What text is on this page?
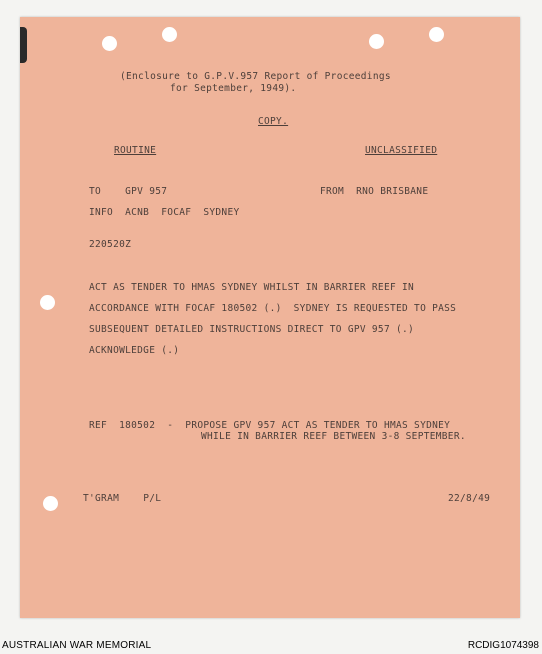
(Enclosure to G.P.V.957 Report of Proceedings
for September, 1949).
COPY.
ROUTINE	UNCLASSIFIED
TO    GPV 957	FROM  RNO BRISBANE
INFO  ACNB  FOCAF  SYDNEY
220520Z
ACT AS TENDER TO HMAS SYDNEY WHILST IN BARRIER REEF IN
ACCORDANCE WITH FOCAF 180502 (.)  SYDNEY IS REQUESTED TO PASS
SUBSEQUENT DETAILED INSTRUCTIONS DIRECT TO GPV 957 (.)
ACKNOWLEDGE (.)
REF  180502  -  PROPOSE GPV 957 ACT AS TENDER TO HMAS SYDNEY
WHILE IN BARRIER REEF BETWEEN 3-8 SEPTEMBER.
T'GRAM    P/L	22/8/49
AUSTRALIAN WAR MEMORIAL	RCDIG1074398
